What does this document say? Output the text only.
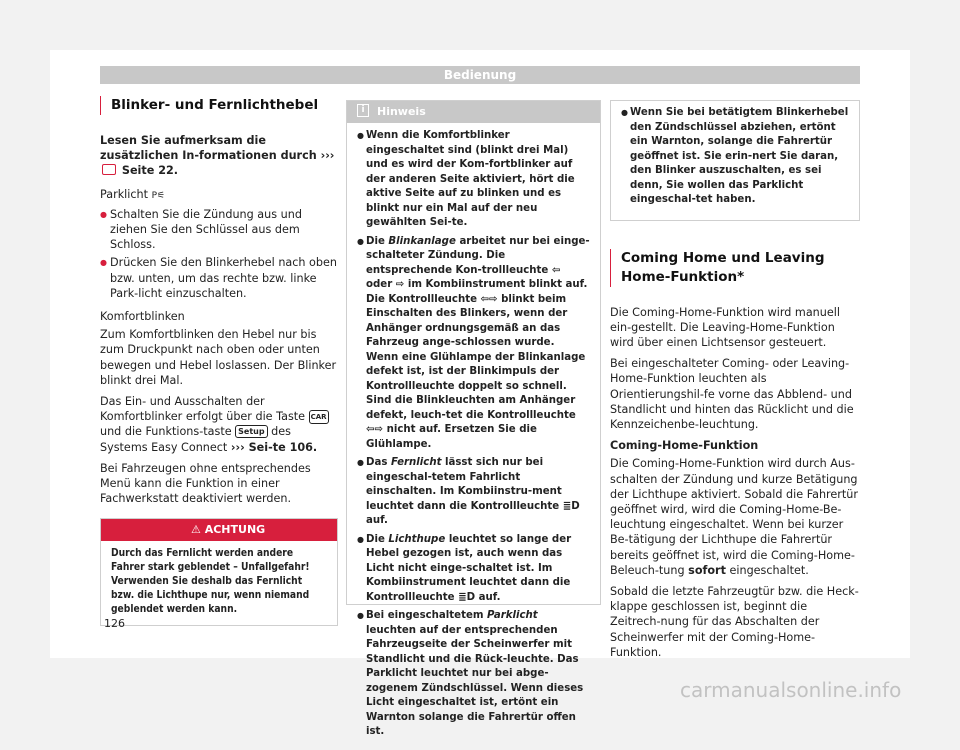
Bedienung
Blinker- und Fernlichthebel
Lesen Sie aufmerksam die zusätzlichen In-formationen durch ›››  Seite 22.
Parklicht P⚟
● Schalten Sie die Zündung aus und ziehen Sie den Schlüssel aus dem Schloss.
● Drücken Sie den Blinkerhebel nach oben bzw. unten, um das rechte bzw. linke Park-licht einzuschalten.
Komfortblinken
Zum Komfortblinken den Hebel nur bis zum Druckpunkt nach oben oder unten bewegen und Hebel loslassen. Der Blinker blinkt drei Mal.
Das Ein- und Ausschalten der Komfortblinker erfolgt über die Taste CAR und die Funktions-taste Setup des Systems Easy Connect ››› Sei-te 106.
Bei Fahrzeugen ohne entsprechendes Menü kann die Funktion in einer Fachwerkstatt deaktiviert werden.
⚠ ACHTUNG
Durch das Fernlicht werden andere Fahrer stark geblendet – Unfallgefahr! Verwenden Sie deshalb das Fernlicht bzw. die Lichthupe nur, wenn niemand geblendet werden kann.
i	Hinweis
● Wenn die Komfortblinker eingeschaltet sind (blinkt drei Mal) und es wird der Kom-fortblinker auf der anderen Seite aktiviert, hört die aktive Seite auf zu blinken und es blinkt nur ein Mal auf der neu gewählten Sei-te.
● Die Blinkanlage arbeitet nur bei einge-schalteter Zündung. Die entsprechende Kon-trollleuchte ⇦ oder ⇨ im Kombiinstrument blinkt auf. Die Kontrollleuchte ⇦⇨ blinkt beim Einschalten des Blinkers, wenn der Anhänger ordnungsgemäß an das Fahrzeug ange-schlossen wurde. Wenn eine Glühlampe der Blinkanlage defekt ist, ist der Blinkimpuls der Kontrollleuchte doppelt so schnell. Sind die Blinkleuchten am Anhänger defekt, leuch-tet die Kontrollleuchte ⇦⇨ nicht auf. Ersetzen Sie die Glühlampe.
● Das Fernlicht lässt sich nur bei eingeschal-tetem Fahrlicht einschalten. Im Kombiinstru-ment leuchtet dann die Kontrollleuchte ≣D auf.
● Die Lichthupe leuchtet so lange der Hebel gezogen ist, auch wenn das Licht nicht einge-schaltet ist. Im Kombiinstrument leuchtet dann die Kontrollleuchte ≣D auf.
● Bei eingeschaltetem Parklicht leuchten auf der entsprechenden Fahrzeugseite der Scheinwerfer mit Standlicht und die Rück-leuchte. Das Parklicht leuchtet nur bei abge-zogenem Zündschlüssel. Wenn dieses Licht eingeschaltet ist, ertönt ein Warnton solange die Fahrertür offen ist.
● Wenn Sie bei betätigtem Blinkerhebel den Zündschlüssel abziehen, ertönt ein Warnton, solange die Fahrertür geöffnet ist. Sie erin-nert Sie daran, den Blinker auszuschalten, es sei denn, Sie wollen das Parklicht eingeschal-tet haben.
Coming Home und Leaving Home-Funktion*
Die Coming-Home-Funktion wird manuell ein-gestellt. Die Leaving-Home-Funktion wird über einen Lichtsensor gesteuert.
Bei eingeschalteter Coming- oder Leaving-Home-Funktion leuchten als Orientierungshil-fe vorne das Abblend- und Standlicht und hinten das Rücklicht und die Kennzeichenbe-leuchtung.
Coming-Home-Funktion
Die Coming-Home-Funktion wird durch Aus-schalten der Zündung und kurze Betätigung der Lichthupe aktiviert. Sobald die Fahrertür geöffnet wird, wird die Coming-Home-Be-leuchtung eingeschaltet. Wenn bei kurzer Be-tätigung der Lichthupe die Fahrertür bereits geöffnet ist, wird die Coming-Home-Beleuch-tung sofort eingeschaltet.
Sobald die letzte Fahrzeugtür bzw. die Heck-klappe geschlossen ist, beginnt die Zeitrech-nung für das Abschalten der Scheinwerfer mit der Coming-Home-Funktion.
126
carmanualsonline.info
